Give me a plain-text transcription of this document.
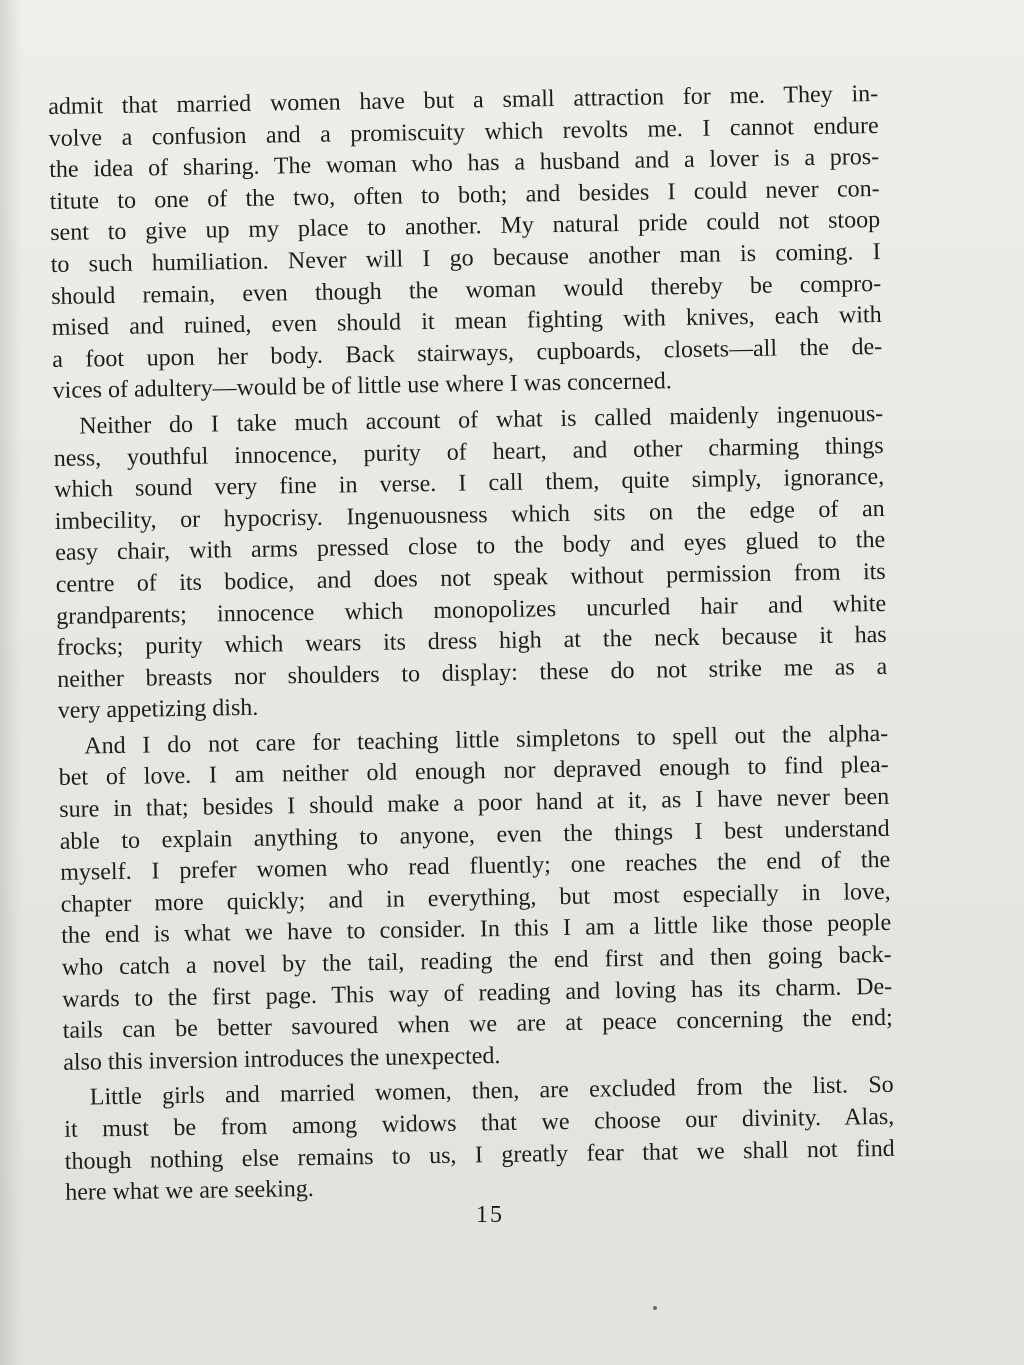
admit that married women have but a small attraction for me. They in-
volve a confusion and a promiscuity which revolts me. I cannot endure
the idea of sharing. The woman who has a husband and a lover is a pros-
titute to one of the two, often to both; and besides I could never con-
sent to give up my place to another. My natural pride could not stoop
to such humiliation. Never will I go because another man is coming. I
should remain, even though the woman would thereby be compro-
mised and ruined, even should it mean fighting with knives, each with
a foot upon her body. Back stairways, cupboards, closets—all the de-
vices of adultery—would be of little use where I was concerned.
Neither do I take much account of what is called maidenly ingenuous-
ness, youthful innocence, purity of heart, and other charming things
which sound very fine in verse. I call them, quite simply, ignorance,
imbecility, or hypocrisy. Ingenuousness which sits on the edge of an
easy chair, with arms pressed close to the body and eyes glued to the
centre of its bodice, and does not speak without permission from its
grandparents; innocence which monopolizes uncurled hair and white
frocks; purity which wears its dress high at the neck because it has
neither breasts nor shoulders to display: these do not strike me as a
very appetizing dish.
And I do not care for teaching little simpletons to spell out the alpha-
bet of love. I am neither old enough nor depraved enough to find plea-
sure in that; besides I should make a poor hand at it, as I have never been
able to explain anything to anyone, even the things I best understand
myself. I prefer women who read fluently; one reaches the end of the
chapter more quickly; and in everything, but most especially in love,
the end is what we have to consider. In this I am a little like those people
who catch a novel by the tail, reading the end first and then going back-
wards to the first page. This way of reading and loving has its charm. De-
tails can be better savoured when we are at peace concerning the end;
also this inversion introduces the unexpected.
Little girls and married women, then, are excluded from the list. So
it must be from among widows that we choose our divinity. Alas,
though nothing else remains to us, I greatly fear that we shall not find
here what we are seeking.
15
